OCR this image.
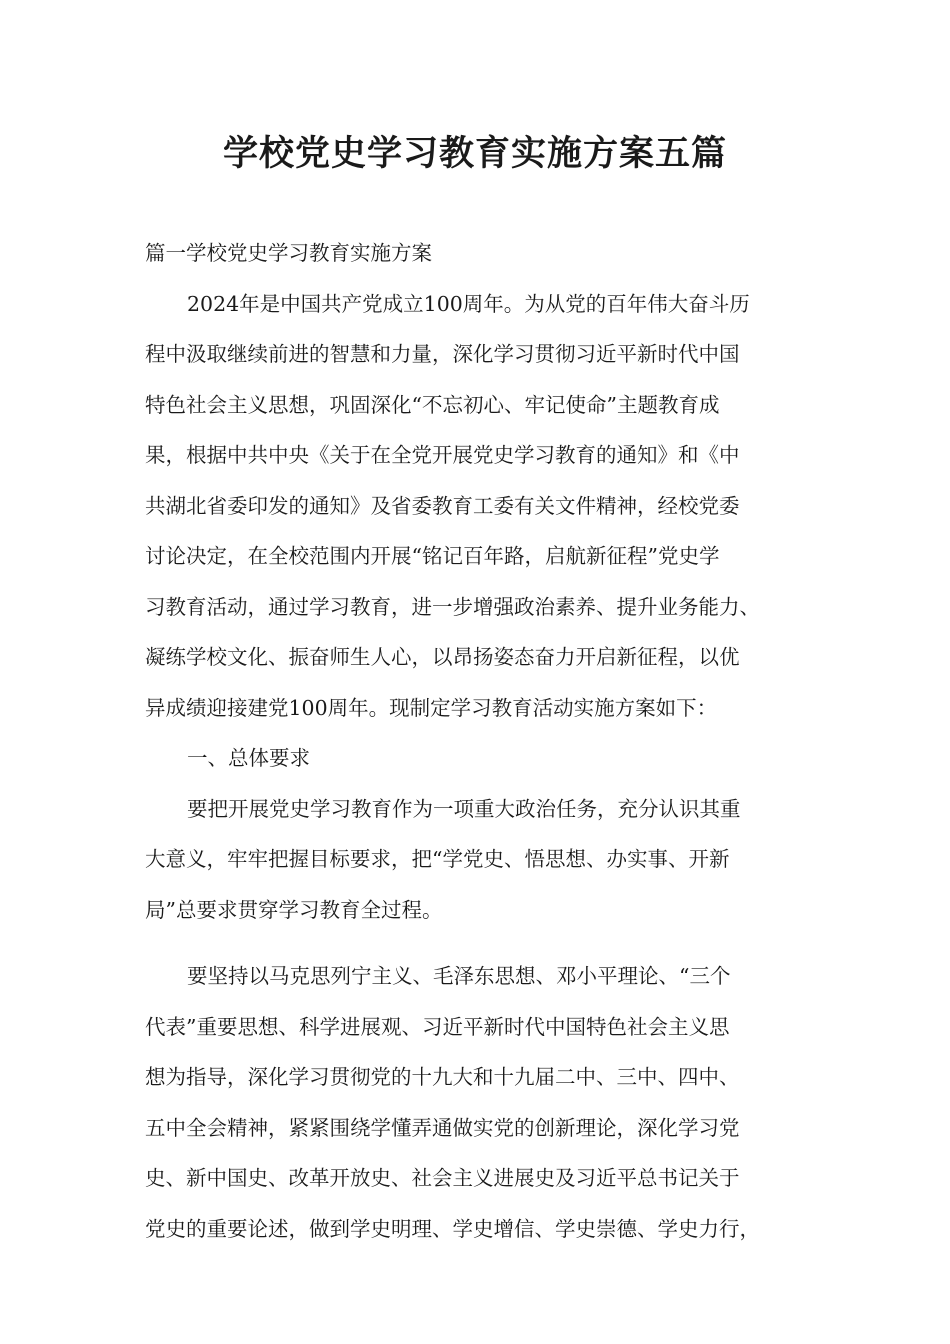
学校党史学习教育实施方案五篇
篇一学校党史学习教育实施方案
2024年是中国共产党成立100周年。为从党的百年伟大奋斗历
程中汲取继续前进的智慧和力量，深化学习贯彻习近平新时代中国
特色社会主义思想，巩固深化“不忘初心、牢记使命”主题教育成
果，根据中共中央《关于在全党开展党史学习教育的通知》和《中
共湖北省委印发的通知》及省委教育工委有关文件精神，经校党委
讨论决定，在全校范围内开展“铭记百年路，启航新征程”党史学
习教育活动，通过学习教育，进一步增强政治素养、提升业务能力、
凝练学校文化、振奋师生人心，以昂扬姿态奋力开启新征程，以优
异成绩迎接建党100周年。现制定学习教育活动实施方案如下：
一、总体要求
要把开展党史学习教育作为一项重大政治任务，充分认识其重
大意义，牢牢把握目标要求，把“学党史、悟思想、办实事、开新
局”总要求贯穿学习教育全过程。
要坚持以马克思列宁主义、毛泽东思想、邓小平理论、“三个
代表”重要思想、科学进展观、习近平新时代中国特色社会主义思
想为指导，深化学习贯彻党的十九大和十九届二中、三中、四中、
五中全会精神，紧紧围绕学懂弄通做实党的创新理论，深化学习党
史、新中国史、改革开放史、社会主义进展史及习近平总书记关于
党史的重要论述，做到学史明理、学史增信、学史崇德、学史力行，
